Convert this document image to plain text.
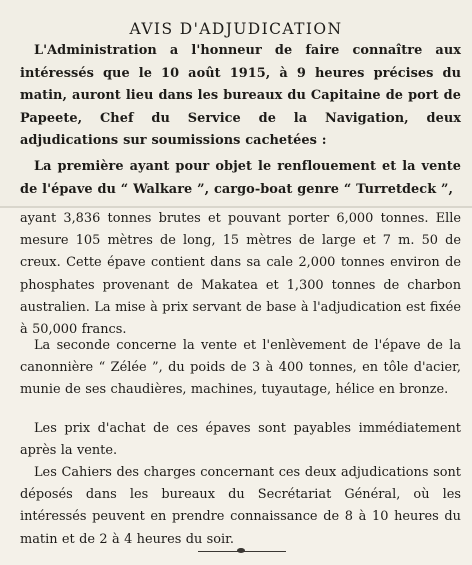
AVIS D'ADJUDICATION

L'Administration a l'honneur de faire connaître aux intéressés que le 10 août 1915, à 9 heures précises du matin, auront lieu dans les bureaux du Capitaine de port de Papeete, Chef du Service de la Navigation, deux adjudications sur soumissions cachetées :

La première ayant pour objet le renflouement et la vente de l'épave du “ Walkare ”, cargo-boat genre “ Turretdeck ”,

ayant 3,836 tonnes brutes et pouvant porter 6,000 tonnes. Elle mesure 105 mètres de long, 15 mètres de large et 7 m. 50 de creux. Cette épave contient dans sa cale 2,000 tonnes environ de phosphates provenant de Makatea et 1,300 tonnes de charbon australien. La mise à prix servant de base à l'adjudication est fixée à 50,000 francs.

La seconde concerne la vente et l'enlèvement de l'épave de la canonnière “ Zélée ”, du poids de 3 à 400 tonnes, en tôle d'acier, munie de ses chaudières, machines, tuyautage, hélice en bronze.

Les prix d'achat de ces épaves sont payables immédiatement après la vente.

Les Cahiers des charges concernant ces deux adjudications sont déposés dans les bureaux du Secrétariat Général, où les intéressés peuvent en prendre connaissance de 8 à 10 heures du matin et de 2 à 4 heures du soir.
